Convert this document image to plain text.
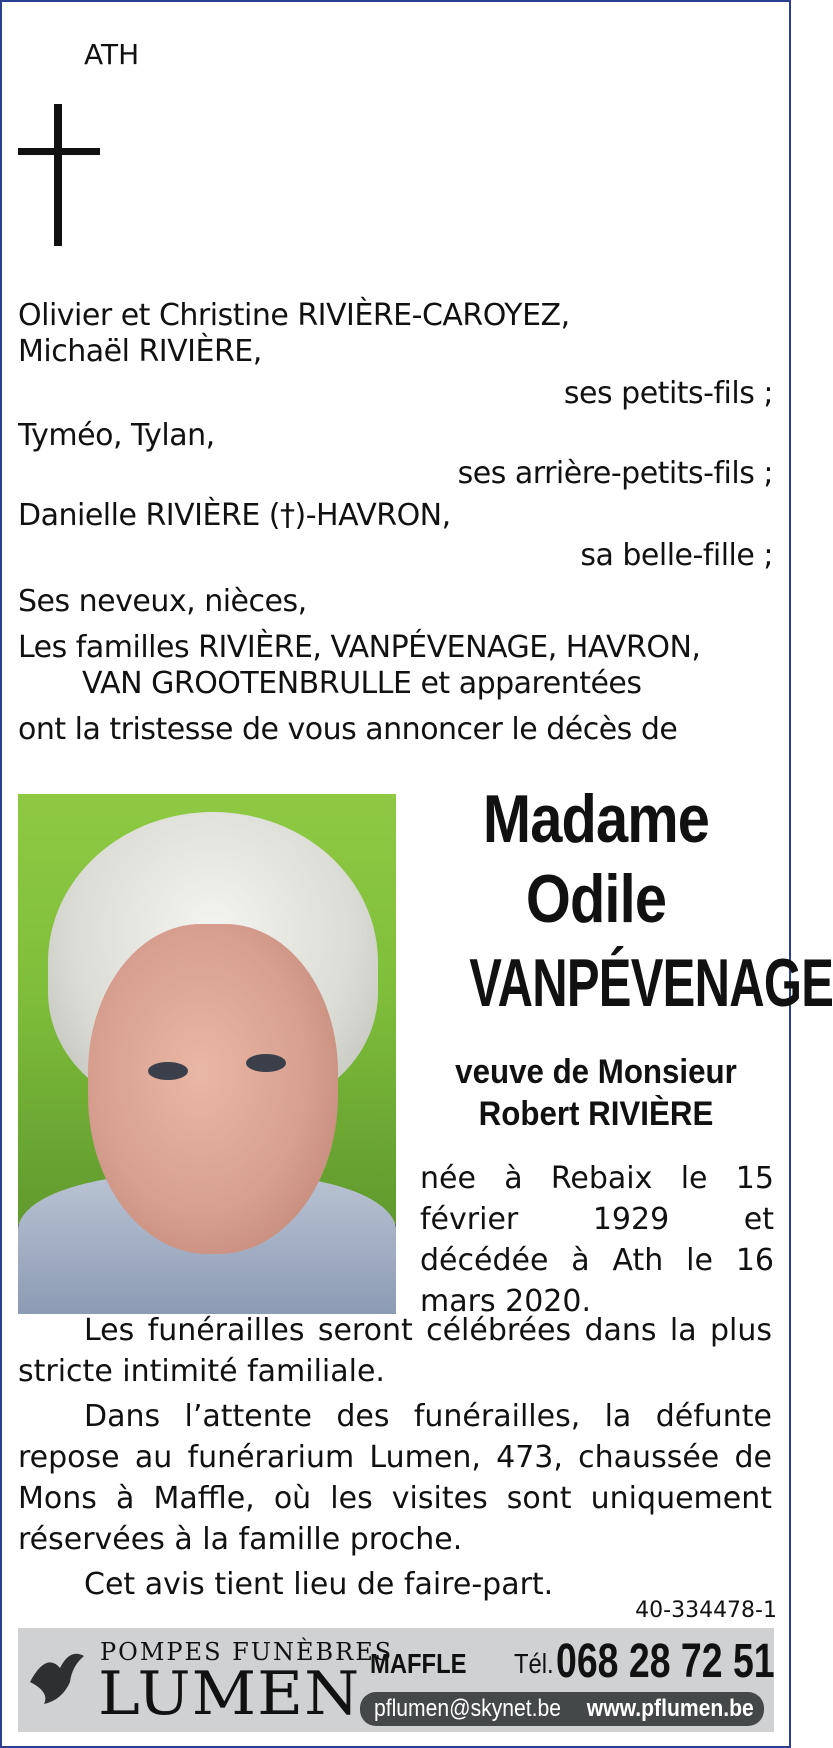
ATH
Olivier et Christine RIVIÈRE-CAROYEZ,
Michaël RIVIÈRE,
ses petits-fils ;
Tyméo, Tylan,
ses arrière-petits-fils ;
Danielle RIVIÈRE (†)-HAVRON,
sa belle-fille ;
Ses neveux, nièces,
Les familles RIVIÈRE, VANPÉVENAGE, HAVRON,
VAN GROOTENBRULLE et apparentées
ont la tristesse de vous annoncer le décès de
Madame
Odile
VANPÉVENAGE
veuve de Monsieur
Robert RIVIÈRE
née à Rebaix le 15 février 1929 et décédée à Ath le 16 mars 2020.
Les funérailles seront célébrées dans la plus stricte intimité familiale.
Dans l’attente des funérailles, la défunte repose au funérarium Lumen, 473, chaussée de Mons à Maffle, où les visites sont uniquement réservées à la famille proche.
Cet avis tient lieu de faire-part.
40-334478-1
POMPES FUNÈBRES
LUMEN MAFFLE Tél. 068 28 72 51
pflumen@skynet.be www.pflumen.be
